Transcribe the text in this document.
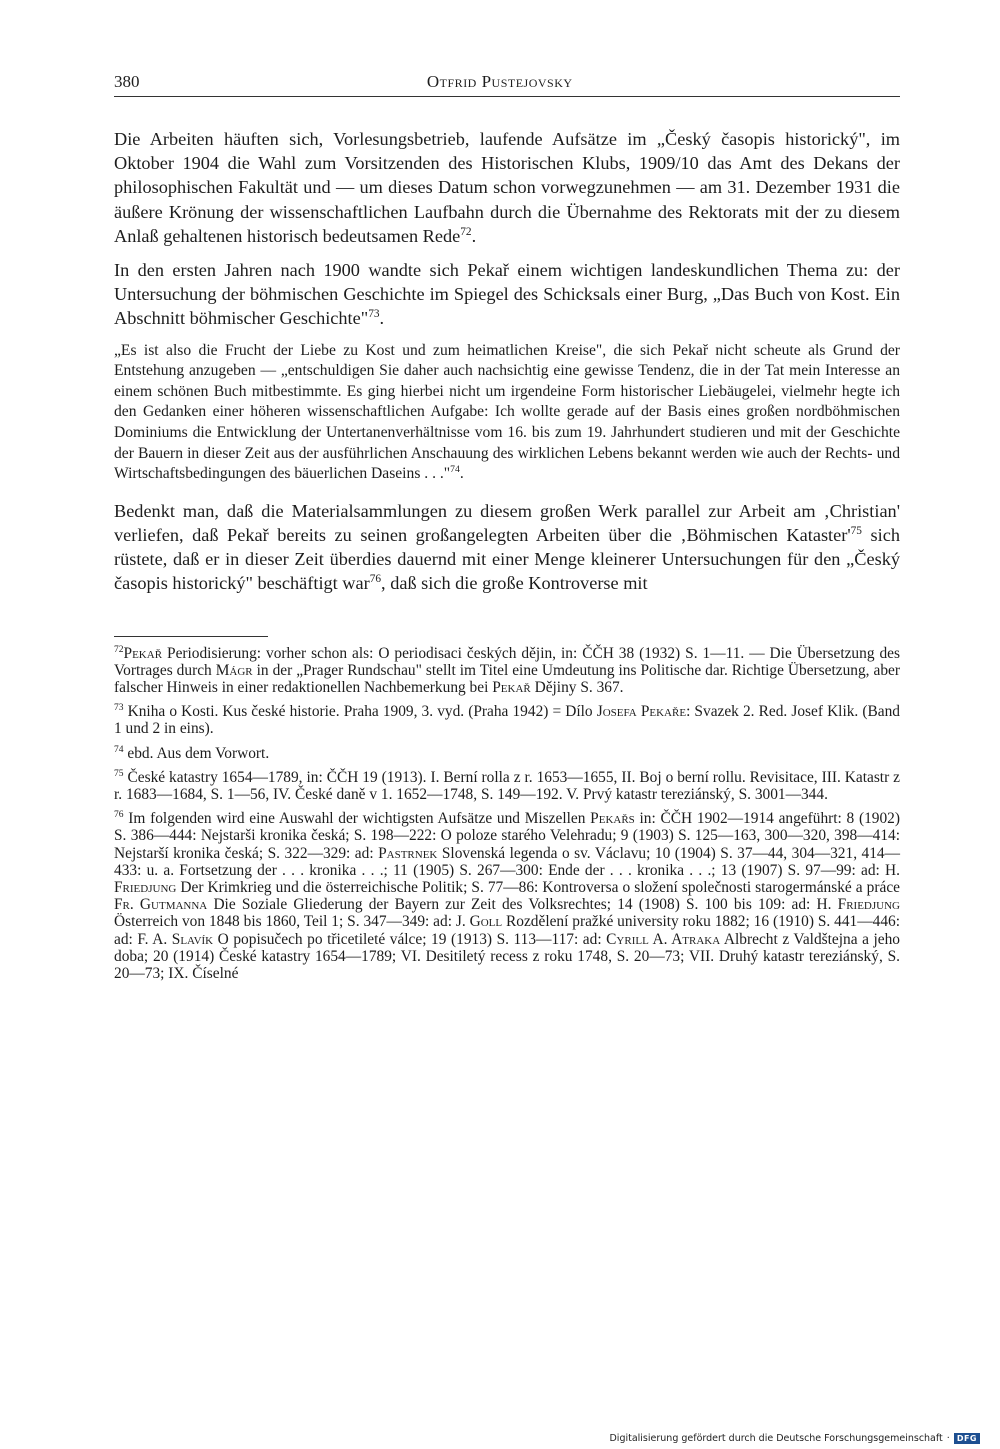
380	Otfrid Pustejovsky

Die Arbeiten häuften sich, Vorlesungsbetrieb, laufende Aufsätze im „Český časopis historický", im Oktober 1904 die Wahl zum Vorsitzenden des Historischen Klubs, 1909/10 das Amt des Dekans der philosophischen Fakultät und — um dieses Datum schon vorwegzunehmen — am 31. Dezember 1931 die äußere Krönung der wissenschaftlichen Laufbahn durch die Übernahme des Rektorats mit der zu diesem Anlaß gehaltenen historisch bedeutsamen Rede$^{72}$.

In den ersten Jahren nach 1900 wandte sich Pekař einem wichtigen landeskundlichen Thema zu: der Untersuchung der böhmischen Geschichte im Spiegel des Schicksals einer Burg, „Das Buch von Kost. Ein Abschnitt böhmischer Geschichte"$^{73}$.

„Es ist also die Frucht der Liebe zu Kost und zum heimatlichen Kreise", die sich Pekař nicht scheute als Grund der Entstehung anzugeben — „entschuldigen Sie daher auch nachsichtig eine gewisse Tendenz, die in der Tat mein Interesse an einem schönen Buch mitbestimmte. Es ging hierbei nicht um irgendeine Form historischer Liebäugelei, vielmehr hegte ich den Gedanken einer höheren wissenschaftlichen Aufgabe: Ich wollte gerade auf der Basis eines großen nordböhmischen Dominiums die Entwicklung der Untertanenverhältnisse vom 16. bis zum 19. Jahrhundert studieren und mit der Geschichte der Bauern in dieser Zeit aus der ausführlichen Anschauung des wirklichen Lebens bekannt werden wie auch der Rechts- und Wirtschaftsbedingungen des bäuerlichen Daseins . . ."$^{74}$.

Bedenkt man, daß die Materialsammlungen zu diesem großen Werk parallel zur Arbeit am ‚Christian' verliefen, daß Pekař bereits zu seinen großangelegten Arbeiten über die ‚Böhmischen $Kataster'^{75}$ sich rüstete, daß er in dieser Zeit überdies dauernd mit einer Menge kleinerer Untersuchungen für den „Český časopis historický" beschäftigt war$^{76}$, daß sich die große Kontroverse mit

$^{72}$Pekař Periodisierung: vorher schon als: O periodisaci českých dějin, in: ČČH 38 (1932) S. 1—11. — Die Übersetzung des Vortrages durch Mágr in der „Prager Rundschau" stellt im Titel eine Umdeutung ins Politische dar. Richtige Übersetzung, aber falscher Hinweis in einer redaktionellen Nachbemerkung bei Pekař Dějiny S. 367.

$^{73}$ Kniha o Kosti. Kus české historie. Praha 1909, 3. vyd. (Praha 1942) = Dílo Josefa Pekaře: Svazek 2. Red. Josef Klik. (Band 1 und 2 in eins).

$^{74}$ ebd. Aus dem Vorwort.

$^{75}$ České katastry 1654—1789, in: ČČH 19 (1913). I. Berní rolla z r. 1653—1655, II. Boj o berní rollu. Revisitace, III. Katastr z r. 1683—1684, S. 1—56, IV. České daně v 1. 1652—1748, S. 149—192. V. Prvý katastr tereziánský, S. 3001—344.

$^{76}$ Im folgenden wird eine Auswahl der wichtigsten Aufsätze und Miszellen Pekařs in: ČČH 1902—1914 angeführt: 8 (1902) S. 386—444: Nejstarši kronika česká; S. 198—222: O poloze starého Velehradu; 9 (1903) S. 125—163, 300—320, 398—414: Nejstarší kronika česká; S. 322—329: ad: Pastrnek Slovenská legenda o sv. Václavu; 10 (1904) S. 37—44, 304—321, 414—433: u. a. Fortsetzung der . . . kronika . . .; 11 (1905) S. 267—300: Ende der . . . kronika . . .; 13 (1907) S. 97—99: ad: H. Friedjung Der Krimkrieg und die österreichische Politik; S. 77—86: Kontroversa o složení společnosti starogermánské a práce Fr. Gutmanna Die Soziale Gliederung der Bayern zur Zeit des Volksrechtes; 14 (1908) S. 100 bis 109: ad: H. Friedjung Österreich von 1848 bis 1860, Teil 1; S. 347—349: ad: J. Goll Rozdělení pražké university roku 1882; 16 (1910) S. 441—446: ad: F. A. Slavík O popisučech po třicetileté válce; 19 (1913) S. 113—117: ad: Cyrill A. Atraka Albrecht z Valdštejna a jeho doba; 20 (1914) České katastry 1654—1789; VI. Desitiletý recess z roku 1748, S. 20—73; VII. Druhý katastr tereziánský, S. 20—73; IX. Číselné

Digitalisierung gefördert durch die Deutsche Forschungsgemeinschaft · DFG
